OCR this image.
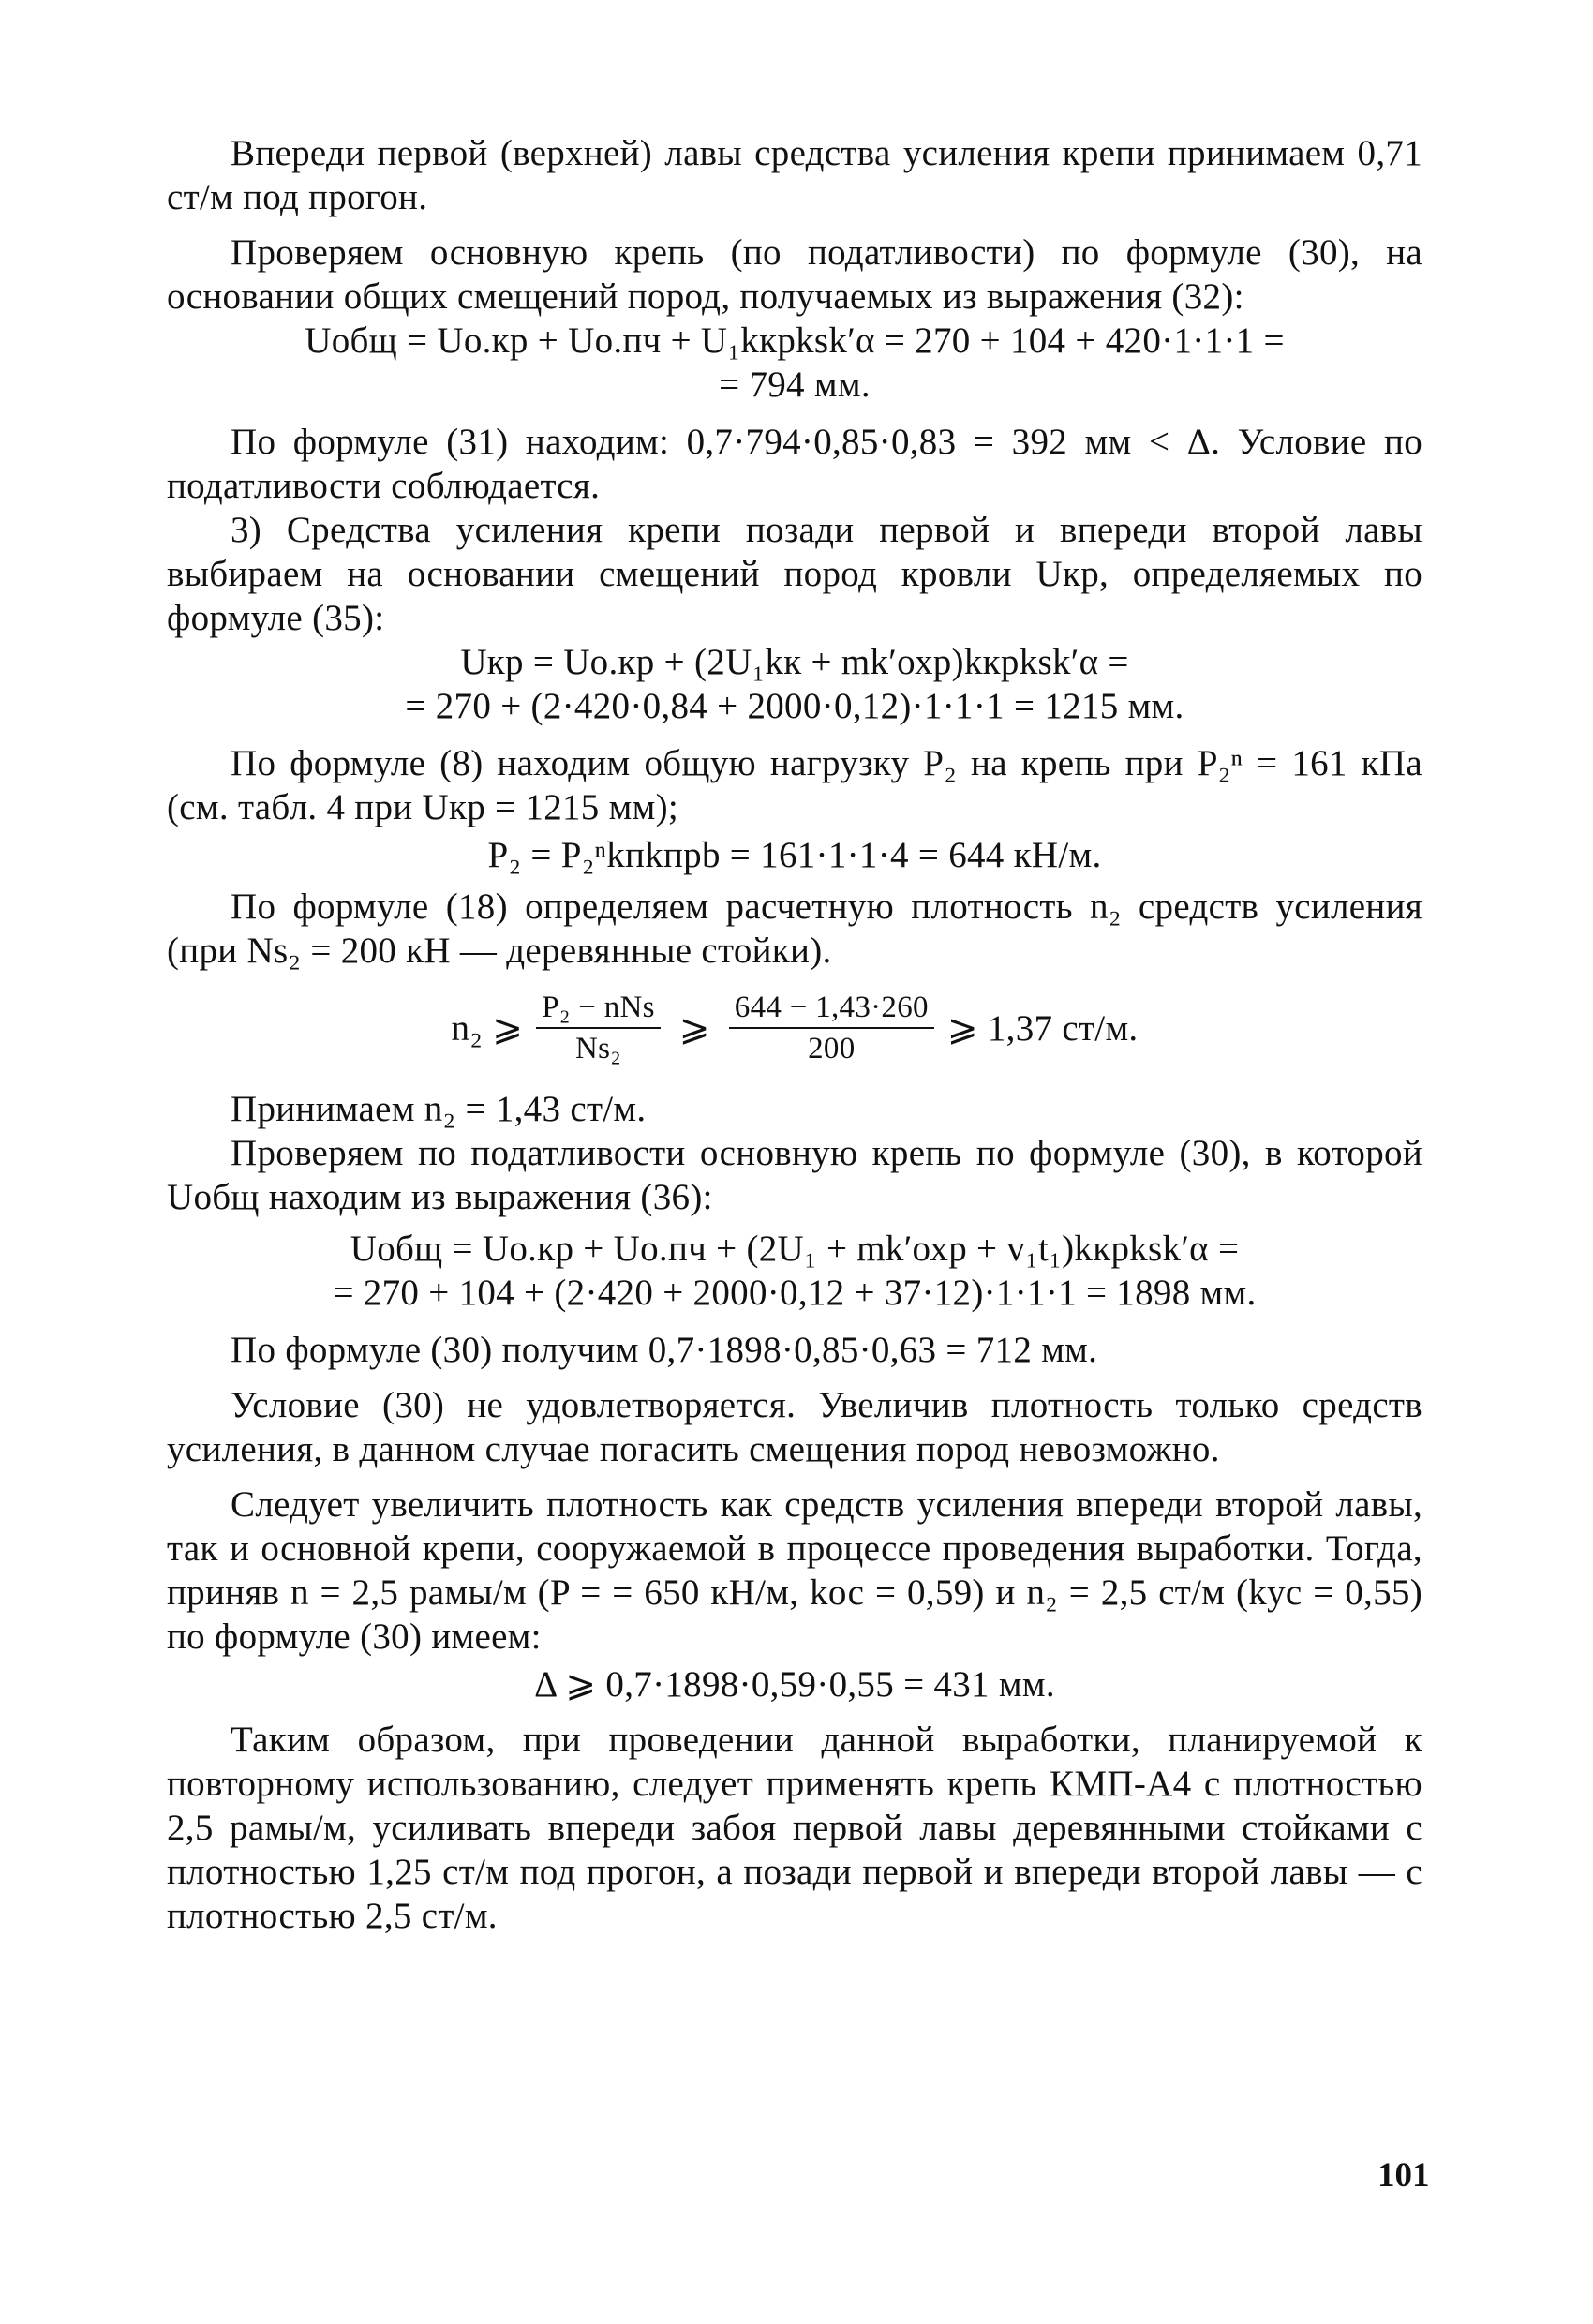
Впереди первой (верхней) лавы средства усиления крепи принимаем 0,71 ст/м под прогон.

Проверяем основную крепь (по податливости) по формуле (30), на основании общих смещений пород, получаемых из выражения (32):

Uобщ = Uо.кр + Uо.пч + U₁kкрksk′α = 270 + 104 + 420·1·1·1 =

= 794 мм.

По формуле (31) находим: 0,7·794·0,85·0,83 = 392 мм < Δ. Условие по податливости соблюдается.

3) Средства усиления крепи позади первой и впереди второй лавы выбираем на основании смещений пород кровли Uкр, определяемых по формуле (35):

Uкр = Uо.кр + (2U₁kк + mk′охр)kкрksk′α =

= 270 + (2·420·0,84 + 2000·0,12)·1·1·1 = 1215 мм.

По формуле (8) находим общую нагрузку P₂ на крепь при P₂ⁿ = 161 кПа (см. табл. 4 при Uкр = 1215 мм);

P₂ = P₂ⁿkпkпрb = 161·1·1·4 = 644 кН/м.

По формуле (18) определяем расчетную плотность n₂ средств усиления (при Ns₂ = 200 кН — деревянные стойки).

n₂ ⩾ $\frac{\text{P₂ − nNs}}{\text{Ns₂}}$ ⩾ $\frac{644 - 1,43\cdot 260}{200}$ ⩾ 1,37 ст/м.

Принимаем n₂ = 1,43 ст/м.

Проверяем по податливости основную крепь по формуле (30), в которой Uобщ находим из выражения (36):

Uобщ = Uо.кр + Uо.пч + (2U₁ + mk′охр + v₁t₁)kкрksk′α =

= 270 + 104 + (2·420 + 2000·0,12 + 37·12)·1·1·1 = 1898 мм.

По формуле (30) получим 0,7·1898·0,85·0,63 = 712 мм.

Условие (30) не удовлетворяется. Увеличив плотность только средств усиления, в данном случае погасить смещения пород невозможно.

Следует увеличить плотность как средств усиления впереди второй лавы, так и основной крепи, сооружаемой в процессе проведения выработки. Тогда, приняв n = 2,5 рамы/м (P = = 650 кН/м, kос = 0,59) и n₂ = 2,5 ст/м (kус = 0,55) по формуле (30) имеем:

Δ ⩾ 0,7·1898·0,59·0,55 = 431 мм.

Таким образом, при проведении данной выработки, планируемой к повторному использованию, следует применять крепь КМП-А4 с плотностью 2,5 рамы/м, усиливать впереди забоя первой лавы деревянными стойками с плотностью 1,25 ст/м под прогон, а позади первой и впереди второй лавы — с плотностью 2,5 ст/м.

101
